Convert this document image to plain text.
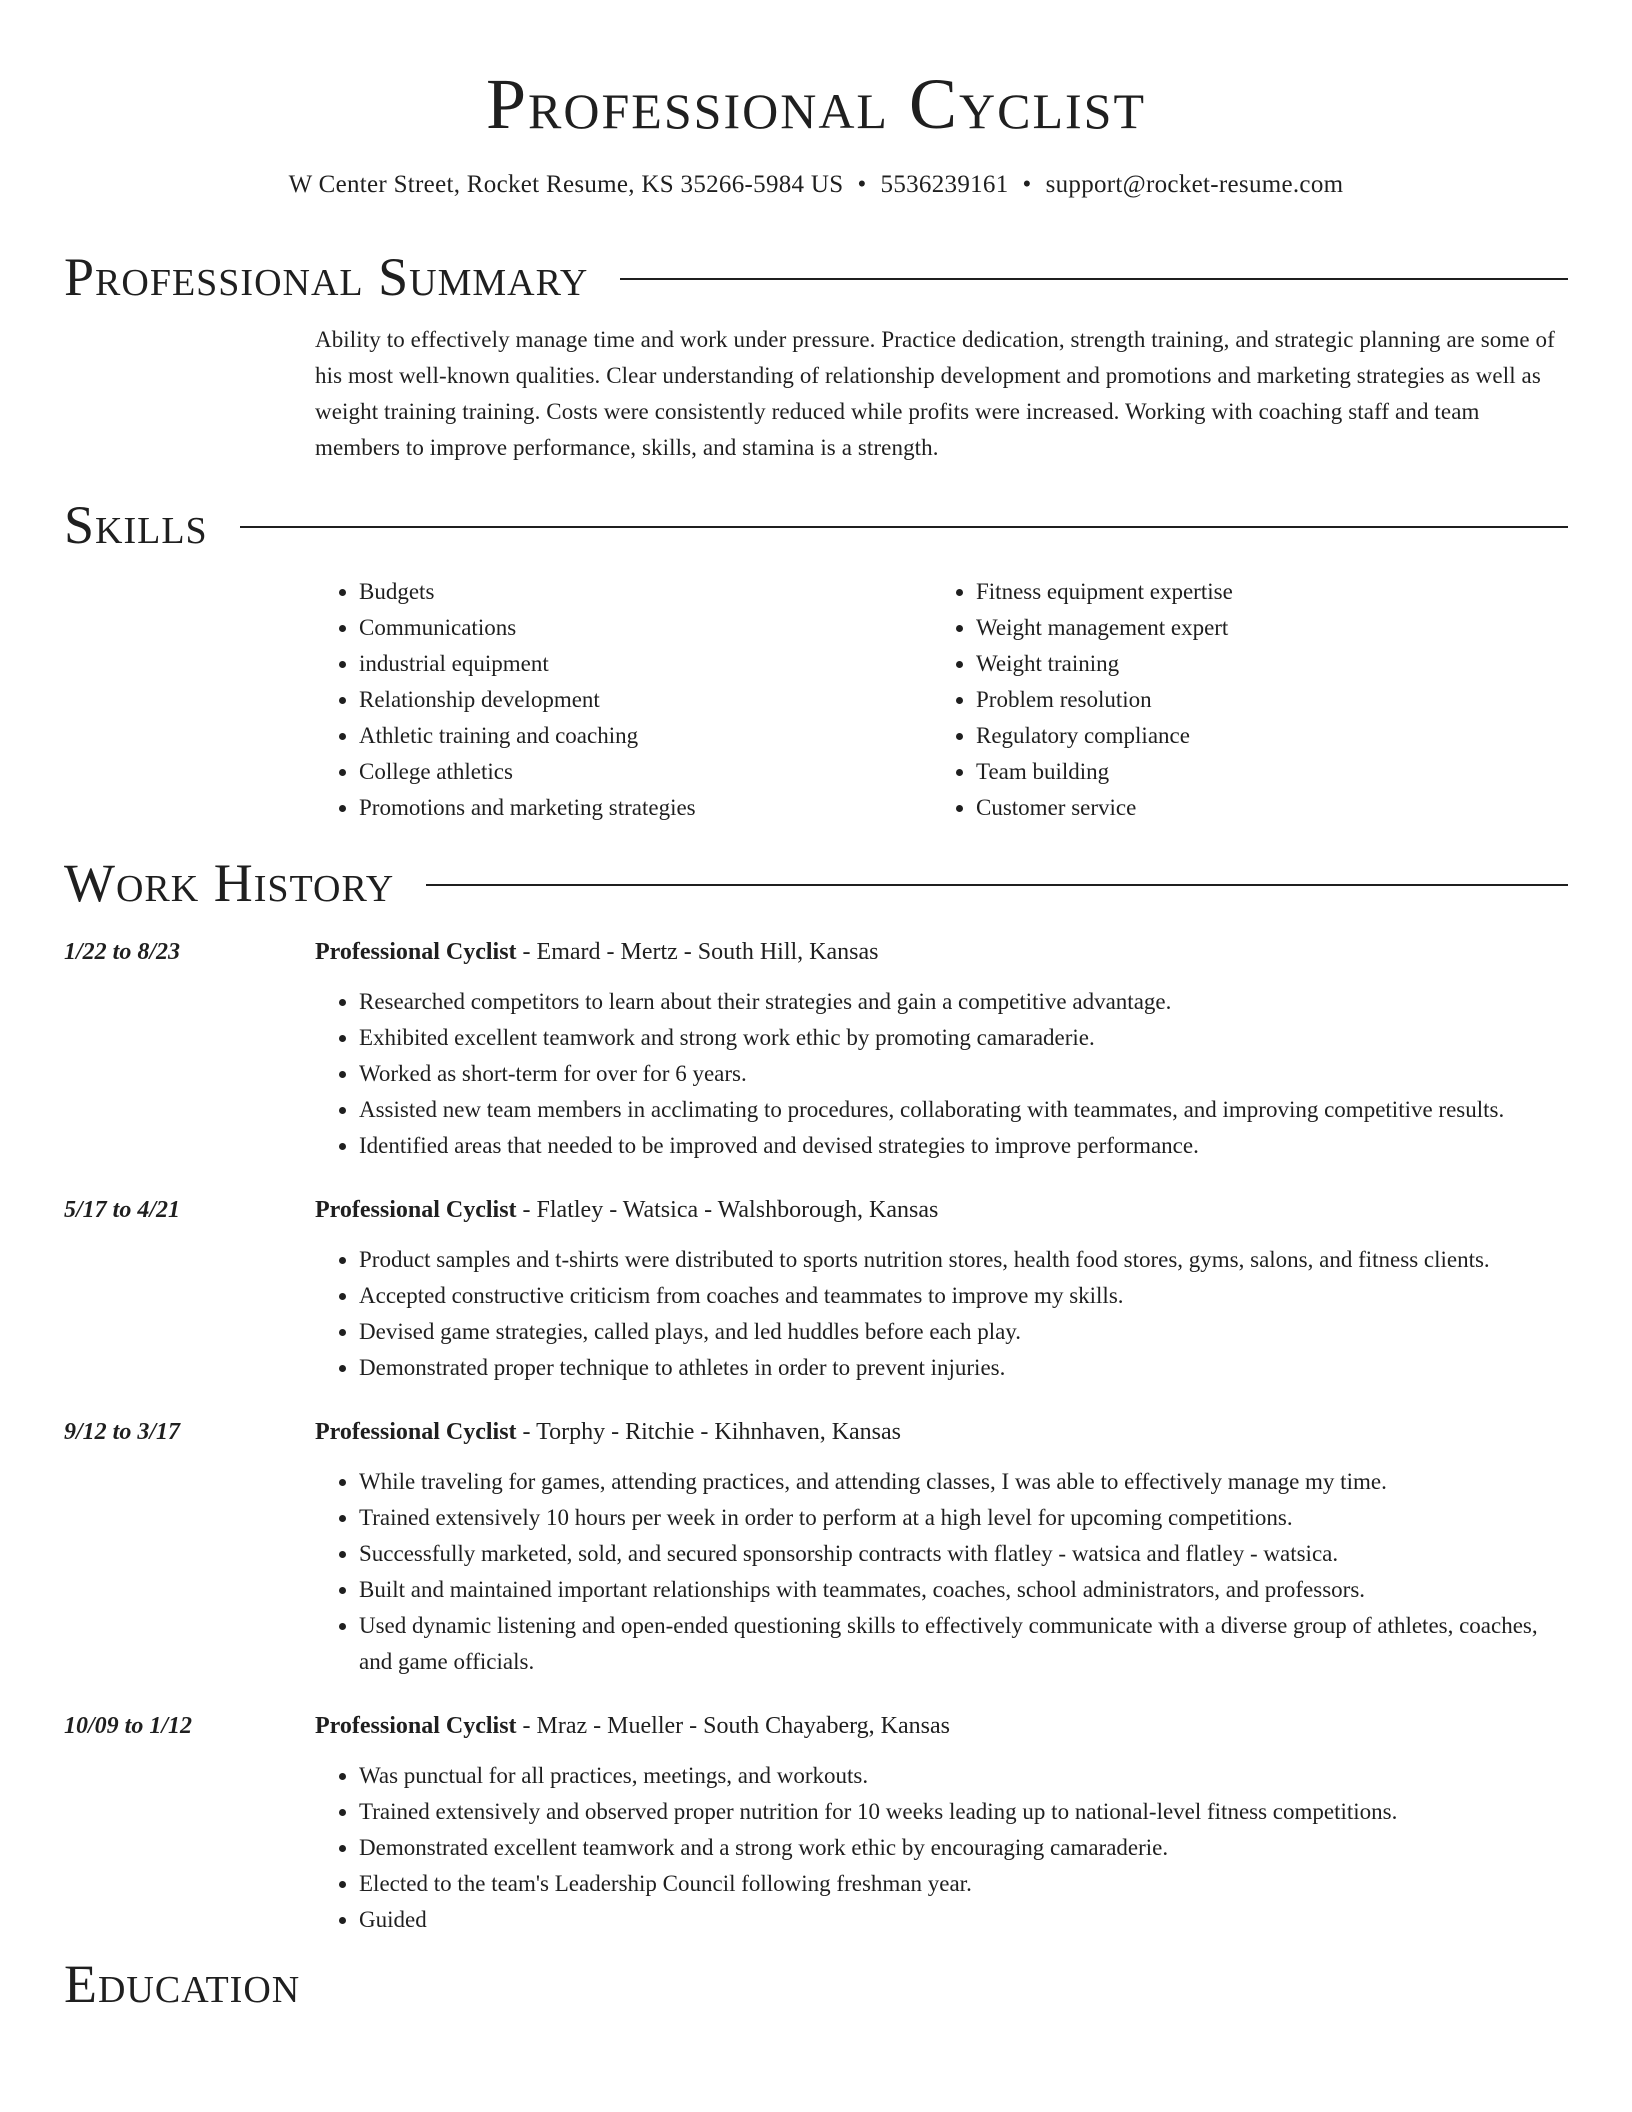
Professional Cyclist
W Center Street, Rocket Resume, KS 35266-5984 US • 5536239161 • support@rocket-resume.com
Professional Summary
Ability to effectively manage time and work under pressure. Practice dedication, strength training, and strategic planning are some of his most well-known qualities. Clear understanding of relationship development and promotions and marketing strategies as well as weight training training. Costs were consistently reduced while profits were increased. Working with coaching staff and team members to improve performance, skills, and stamina is a strength.
Skills
• Budgets
• Communications
• industrial equipment
• Relationship development
• Athletic training and coaching
• College athletics
• Promotions and marketing strategies
• Fitness equipment expertise
• Weight management expert
• Weight training
• Problem resolution
• Regulatory compliance
• Team building
• Customer service
Work History
1/22 to 8/23	Professional Cyclist - Emard - Mertz - South Hill, Kansas
• Researched competitors to learn about their strategies and gain a competitive advantage.
• Exhibited excellent teamwork and strong work ethic by promoting camaraderie.
• Worked as short-term for over for 6 years.
• Assisted new team members in acclimating to procedures, collaborating with teammates, and improving competitive results.
• Identified areas that needed to be improved and devised strategies to improve performance.
5/17 to 4/21	Professional Cyclist - Flatley - Watsica - Walshborough, Kansas
• Product samples and t-shirts were distributed to sports nutrition stores, health food stores, gyms, salons, and fitness clients.
• Accepted constructive criticism from coaches and teammates to improve my skills.
• Devised game strategies, called plays, and led huddles before each play.
• Demonstrated proper technique to athletes in order to prevent injuries.
9/12 to 3/17	Professional Cyclist - Torphy - Ritchie - Kihnhaven, Kansas
• While traveling for games, attending practices, and attending classes, I was able to effectively manage my time.
• Trained extensively 10 hours per week in order to perform at a high level for upcoming competitions.
• Successfully marketed, sold, and secured sponsorship contracts with flatley - watsica and flatley - watsica.
• Built and maintained important relationships with teammates, coaches, school administrators, and professors.
• Used dynamic listening and open-ended questioning skills to effectively communicate with a diverse group of athletes, coaches, and game officials.
10/09 to 1/12	Professional Cyclist - Mraz - Mueller - South Chayaberg, Kansas
• Was punctual for all practices, meetings, and workouts.
• Trained extensively and observed proper nutrition for 10 weeks leading up to national-level fitness competitions.
• Demonstrated excellent teamwork and a strong work ethic by encouraging camaraderie.
• Elected to the team's Leadership Council following freshman year.
• Guided
Education
